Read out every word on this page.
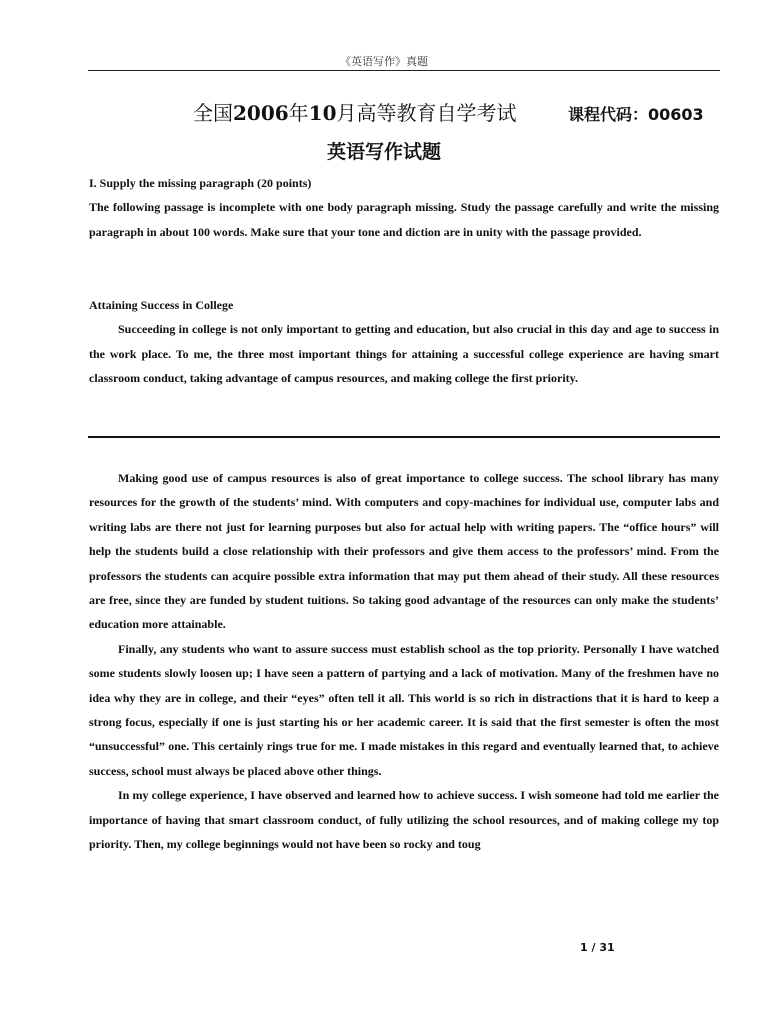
《英语写作》真题
全国2006年10月高等教育自学考试	课程代码：00603
英语写作试题

I. Supply the missing paragraph (20 points)

The following passage is incomplete with one body paragraph missing. Study the passage carefully and write the missing paragraph in about 100 words. Make sure that your tone and diction are in unity with the passage provided.

Attaining Success in College

Succeeding in college is not only important to getting and education, but also crucial in this day and age to success in the work place. To me, the three most important things for attaining a successful college experience are having smart classroom conduct, taking advantage of campus resources, and making college the first priority.

Making good use of campus resources is also of great importance to college success. The school library has many resources for the growth of the students’ mind. With computers and copy-machines for individual use, computer labs and writing labs are there not just for learning purposes but also for actual help with writing papers. The “office hours” will help the students build a close relationship with their professors and give them access to the professors’ mind. From the professors the students can acquire possible extra information that may put them ahead of their study. All these resources are free, since they are funded by student tuitions. So taking good advantage of the resources can only make the students’ education more attainable.

Finally, any students who want to assure success must establish school as the top priority. Personally I have watched some students slowly loosen up; I have seen a pattern of partying and a lack of motivation. Many of the freshmen have no idea why they are in college, and their “eyes” often tell it all. This world is so rich in distractions that it is hard to keep a strong focus, especially if one is just starting his or her academic career. It is said that the first semester is often the most “unsuccessful” one. This certainly rings true for me. I made mistakes in this regard and eventually learned that, to achieve success, school must always be placed above other things.

In my college experience, I have observed and learned how to achieve success. I wish someone had told me earlier the importance of having that smart classroom conduct, of fully utilizing the school resources, and of making college my top priority. Then, my college beginnings would not have been so rocky and toug

1 / 31
